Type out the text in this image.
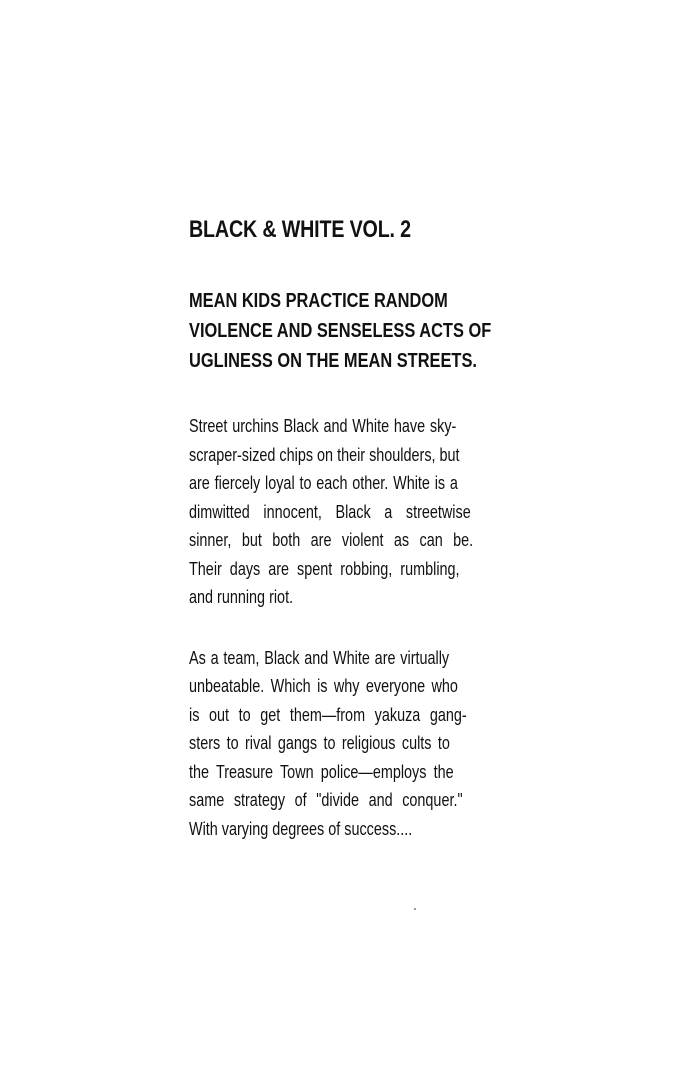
BLACK & WHITE VOL. 2
MEAN KIDS PRACTICE RANDOM
VIOLENCE AND SENSELESS ACTS OF
UGLINESS ON THE MEAN STREETS.
Street urchins Black and White have sky-
scraper-sized chips on their shoulders, but
are fiercely loyal to each other. White is a
dimwitted innocent, Black a streetwise
sinner, but both are violent as can be.
Their days are spent robbing, rumbling,
and running riot.
As a team, Black and White are virtually
unbeatable. Which is why everyone who
is out to get them—from yakuza gang-
sters to rival gangs to religious cults to
the Treasure Town police—employs the
same strategy of "divide and conquer."
With varying degrees of success....
